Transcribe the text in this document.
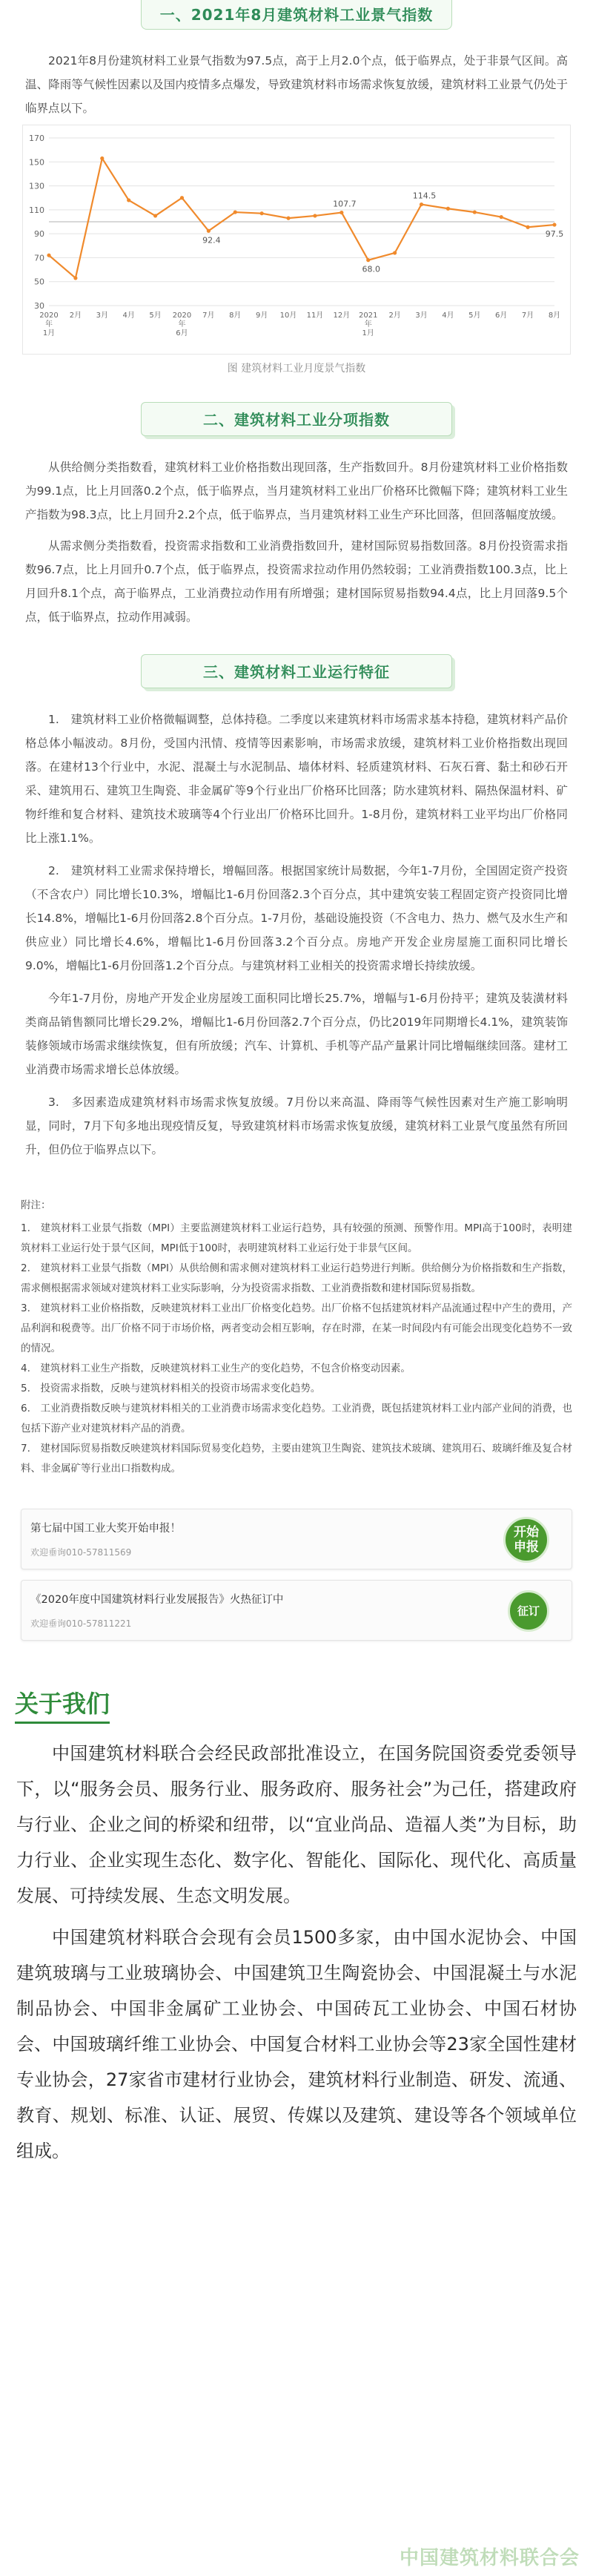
一、2021年8月建筑材料工业景气指数

2021年8月份建筑材料工业景气指数为97.5点，高于上月2.0个点，低于临界点，处于非景气区间。高温、降雨等气候性因素以及国内疫情多点爆发，导致建筑材料市场需求恢复放缓，建筑材料工业景气仍处于临界点以下。

30
50
70
90
110
130
150
170
2020 年 1月
2月 3月 4月 5月 2020 年 6月
7月 8月 9月 10月 11月 12月 2021 年 1月
2月 3月 4月 5月 6月 7月 8月
92.4
107.7
68.0
114.5
97.5
图 建筑材料工业月度景气指数
二、建筑材料工业分项指数

从供给侧分类指数看，建筑材料工业价格指数出现回落，生产指数回升。8月份建筑材料工业价格指数为99.1点，比上月回落0.2个点，低于临界点，当月建筑材料工业出厂价格环比微幅下降；建筑材料工业生产指数为98.3点，比上月回升2.2个点，低于临界点，当月建筑材料工业生产环比回落，但回落幅度放缓。

从需求侧分类指数看，投资需求指数和工业消费指数回升，建材国际贸易指数回落。8月份投资需求指数96.7点，比上月回升0.7个点，低于临界点，投资需求拉动作用仍然较弱；工业消费指数100.3点，比上月回升8.1个点，高于临界点，工业消费拉动作用有所增强；建材国际贸易指数94.4点，比上月回落9.5个点，低于临界点，拉动作用减弱。

三、建筑材料工业运行特征

1.　建筑材料工业价格微幅调整，总体持稳。二季度以来建筑材料市场需求基本持稳，建筑材料产品价格总体小幅波动。8月份，受国内汛情、疫情等因素影响，市场需求放缓，建筑材料工业价格指数出现回落。在建材13个行业中，水泥、混凝土与水泥制品、墙体材料、轻质建筑材料、石灰石膏、黏土和砂石开采、建筑用石、建筑卫生陶瓷、非金属矿等9个行业出厂价格环比回落；防水建筑材料、隔热保温材料、矿物纤维和复合材料、建筑技术玻璃等4个行业出厂价格环比回升。1-8月份，建筑材料工业平均出厂价格同比上涨1.1%。

2.　建筑材料工业需求保持增长，增幅回落。根据国家统计局数据，今年1-7月份，全国固定资产投资（不含农户）同比增长10.3%，增幅比1-6月份回落2.3个百分点，其中建筑安装工程固定资产投资同比增长14.8%，增幅比1-6月份回落2.8个百分点。1-7月份，基础设施投资（不含电力、热力、燃气及水生产和供应业）同比增长4.6%，增幅比1-6月份回落3.2个百分点。房地产开发企业房屋施工面积同比增长9.0%，增幅比1-6月份回落1.2个百分点。与建筑材料工业相关的投资需求增长持续放缓。

今年1-7月份，房地产开发企业房屋竣工面积同比增长25.7%，增幅与1-6月份持平；建筑及装潢材料类商品销售额同比增长29.2%，增幅比1-6月份回落2.7个百分点，仍比2019年同期增长4.1%，建筑装饰装修领域市场需求继续恢复，但有所放缓；汽车、计算机、手机等产品产量累计同比增幅继续回落。建材工业消费市场需求增长总体放缓。

3.　多因素造成建筑材料市场需求恢复放缓。7月份以来高温、降雨等气候性因素对生产施工影响明显，同时，7月下旬多地出现疫情反复，导致建筑材料市场需求恢复放缓，建筑材料工业景气度虽然有所回升，但仍位于临界点以下。

附注：
1.　建筑材料工业景气指数（MPI）主要监测建筑材料工业运行趋势，具有较强的预测、预警作用。MPI高于100时，表明建筑材料工业运行处于景气区间，MPI低于100时，表明建筑材料工业运行处于非景气区间。
2.　建筑材料工业景气指数（MPI）从供给侧和需求侧对建筑材料工业运行趋势进行判断。供给侧分为价格指数和生产指数，需求侧根据需求领域对建筑材料工业实际影响，分为投资需求指数、工业消费指数和建材国际贸易指数。
3.　建筑材料工业价格指数，反映建筑材料工业出厂价格变化趋势。出厂价格不包括建筑材料产品流通过程中产生的费用，产品利润和税费等。出厂价格不同于市场价格，两者变动会相互影响，存在时滞，在某一时间段内有可能会出现变化趋势不一致的情况。
4.　建筑材料工业生产指数，反映建筑材料工业生产的变化趋势，不包含价格变动因素。
5.　投资需求指数，反映与建筑材料相关的投资市场需求变化趋势。
6.　工业消费指数反映与建筑材料相关的工业消费市场需求变化趋势。工业消费，既包括建筑材料工业内部产业间的消费，也包括下游产业对建筑材料产品的消费。
7.　建材国际贸易指数反映建筑材料国际贸易变化趋势，主要由建筑卫生陶瓷、建筑技术玻璃、建筑用石、玻璃纤维及复合材料、非金属矿等行业出口指数构成。
第七届中国工业大奖开始申报！
欢迎垂询010-57811569
开始
申报
《2020年度中国建筑材料行业发展报告》火热征订中
欢迎垂询010-57811221
征订
关于我们

中国建筑材料联合会经民政部批准设立，在国务院国资委党委领导下，以“服务会员、服务行业、服务政府、服务社会”为己任，搭建政府与行业、企业之间的桥梁和纽带，以“宜业尚品、造福人类”为目标，助力行业、企业实现生态化、数字化、智能化、国际化、现代化、高质量发展、可持续发展、生态文明发展。

中国建筑材料联合会现有会员1500多家，由中国水泥协会、中国建筑玻璃与工业玻璃协会、中国建筑卫生陶瓷协会、中国混凝土与水泥制品协会、中国非金属矿工业协会、中国砖瓦工业协会、中国石材协会、中国玻璃纤维工业协会、中国复合材料工业协会等23家全国性建材专业协会，27家省市建材行业协会，建筑材料行业制造、研发、流通、教育、规划、标准、认证、展贸、传媒以及建筑、建设等各个领域单位组成。

中国建筑材料联合会
